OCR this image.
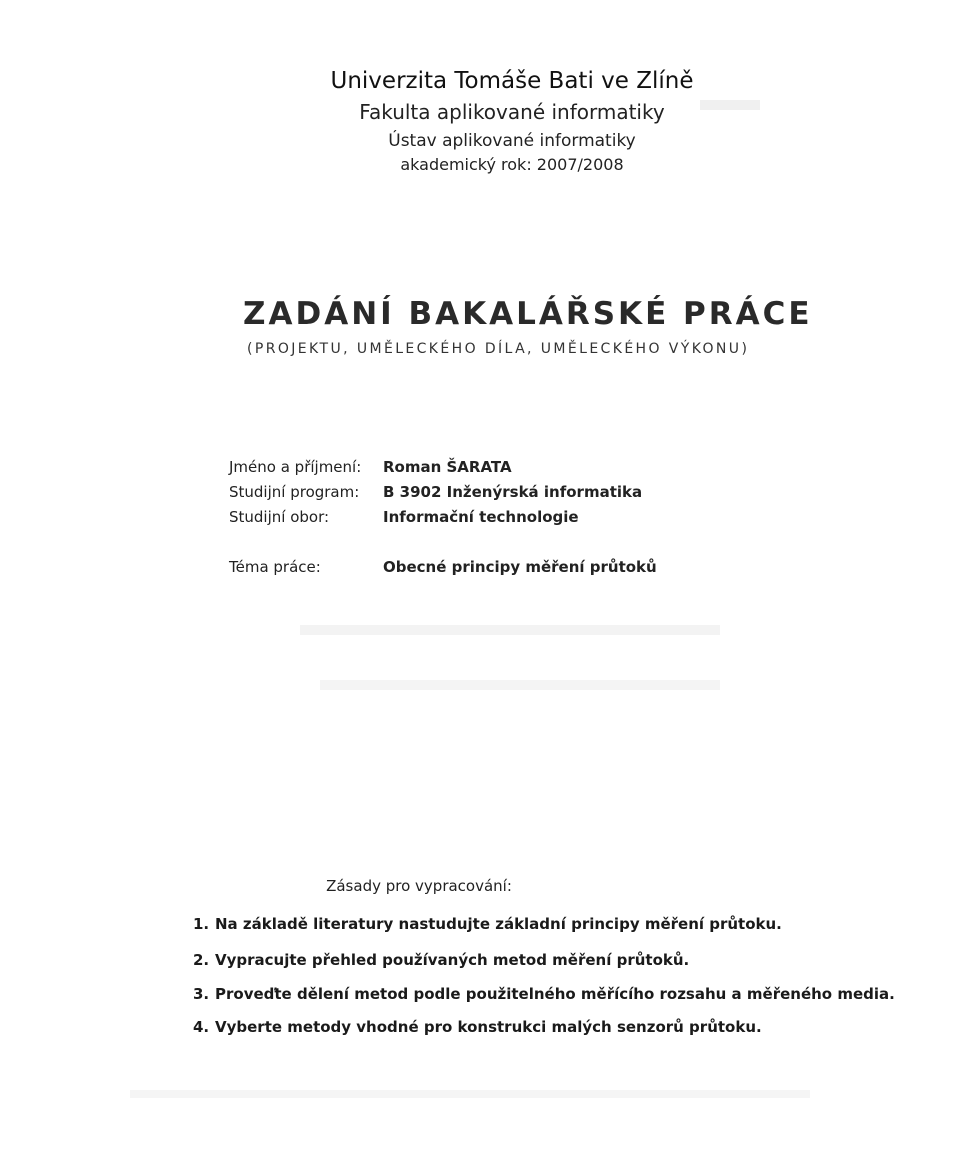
Univerzita Tomáše Bati ve Zlíně
Fakulta aplikované informatiky
Ústav aplikované informatiky
akademický rok: 2007/2008
ZADÁNÍ BAKALÁŘSKÉ PRÁCE
(PROJEKTU, UMĚLECKÉHO DÍLA, UMĚLECKÉHO VÝKONU)
Jméno a příjmení: Roman ŠARATA
Studijní program: B 3902 Inženýrská informatika
Studijní obor:	Informační technologie
Téma práce:	Obecné principy měření průtoků
Zásady pro vypracování:
1. Na základě literatury nastudujte základní principy měření průtoku.
2. Vypracujte přehled používaných metod měření průtoků.
3. Proveďte dělení metod podle použitelného měřícího rozsahu a měřeného media.
4. Vyberte metody vhodné pro konstrukci malých senzorů průtoku.
